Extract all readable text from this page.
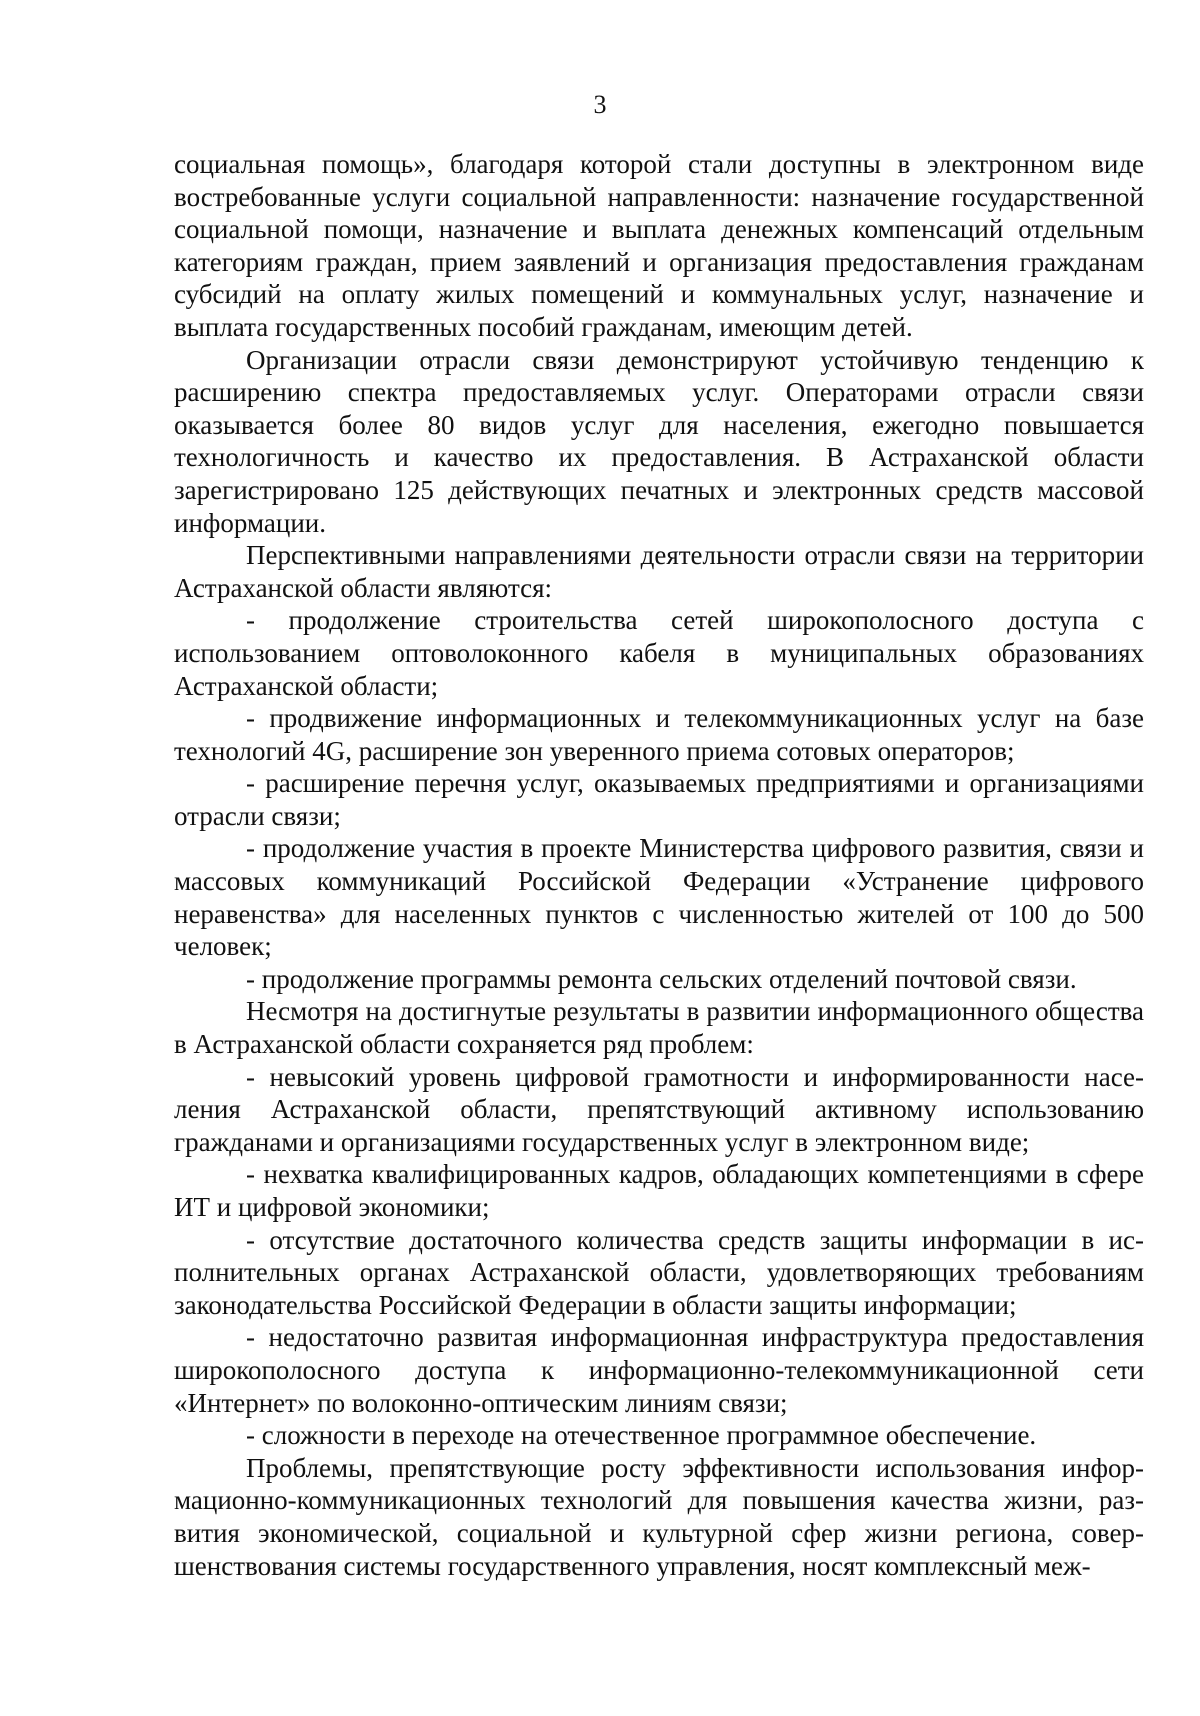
3

социальная помощь», благодаря которой стали доступны в электронном виде востребованные услуги социальной направленности: назначение государственной социальной помощи, назначение и выплата денежных компенсаций отдельным категориям граждан, прием заявлений и организация предоставления гражданам субсидий на оплату жилых помещений и коммунальных услуг, назначение и выплата государственных пособий гражданам, имеющим детей.

Организации отрасли связи демонстрируют устойчивую тенденцию к расширению спектра предоставляемых услуг. Операторами отрасли связи оказывается более 80 видов услуг для населения, ежегодно повышается технологичность и качество их предоставления. В Астраханской области зарегистрировано 125 действующих печатных и электронных средств массовой информации.

Перспективными направлениями деятельности отрасли связи на территории Астраханской области являются:

- продолжение строительства сетей широкополосного доступа с использованием оптоволоконного кабеля в муниципальных образованиях Астраханской области;

- продвижение информационных и телекоммуникационных услуг на базе технологий 4G, расширение зон уверенного приема сотовых операторов;

- расширение перечня услуг, оказываемых предприятиями и организациями отрасли связи;

- продолжение участия в проекте Министерства цифрового развития, связи и массовых коммуникаций Российской Федерации «Устранение цифрового неравенства» для населенных пунктов с численностью жителей от 100 до 500 человек;

- продолжение программы ремонта сельских отделений почтовой связи.

Несмотря на достигнутые результаты в развитии информационного общества в Астраханской области сохраняется ряд проблем:

- невысокий уровень цифровой грамотности и информированности населения Астраханской области, препятствующий активному использованию гражданами и организациями государственных услуг в электронном виде;

- нехватка квалифицированных кадров, обладающих компетенциями в сфере ИТ и цифровой экономики;

- отсутствие достаточного количества средств защиты информации в исполнительных органах Астраханской области, удовлетворяющих требованиям законодательства Российской Федерации в области защиты информации;

- недостаточно развитая информационная инфраструктура предоставления широкополосного доступа к информационно-телекоммуникационной сети «Интернет» по волоконно-оптическим линиям связи;

- сложности в переходе на отечественное программное обеспечение.

Проблемы, препятствующие росту эффективности использования информационно-коммуникационных технологий для повышения качества жизни, развития экономической, социальной и культурной сфер жизни региона, совершенствования системы государственного управления, носят комплексный меж-
